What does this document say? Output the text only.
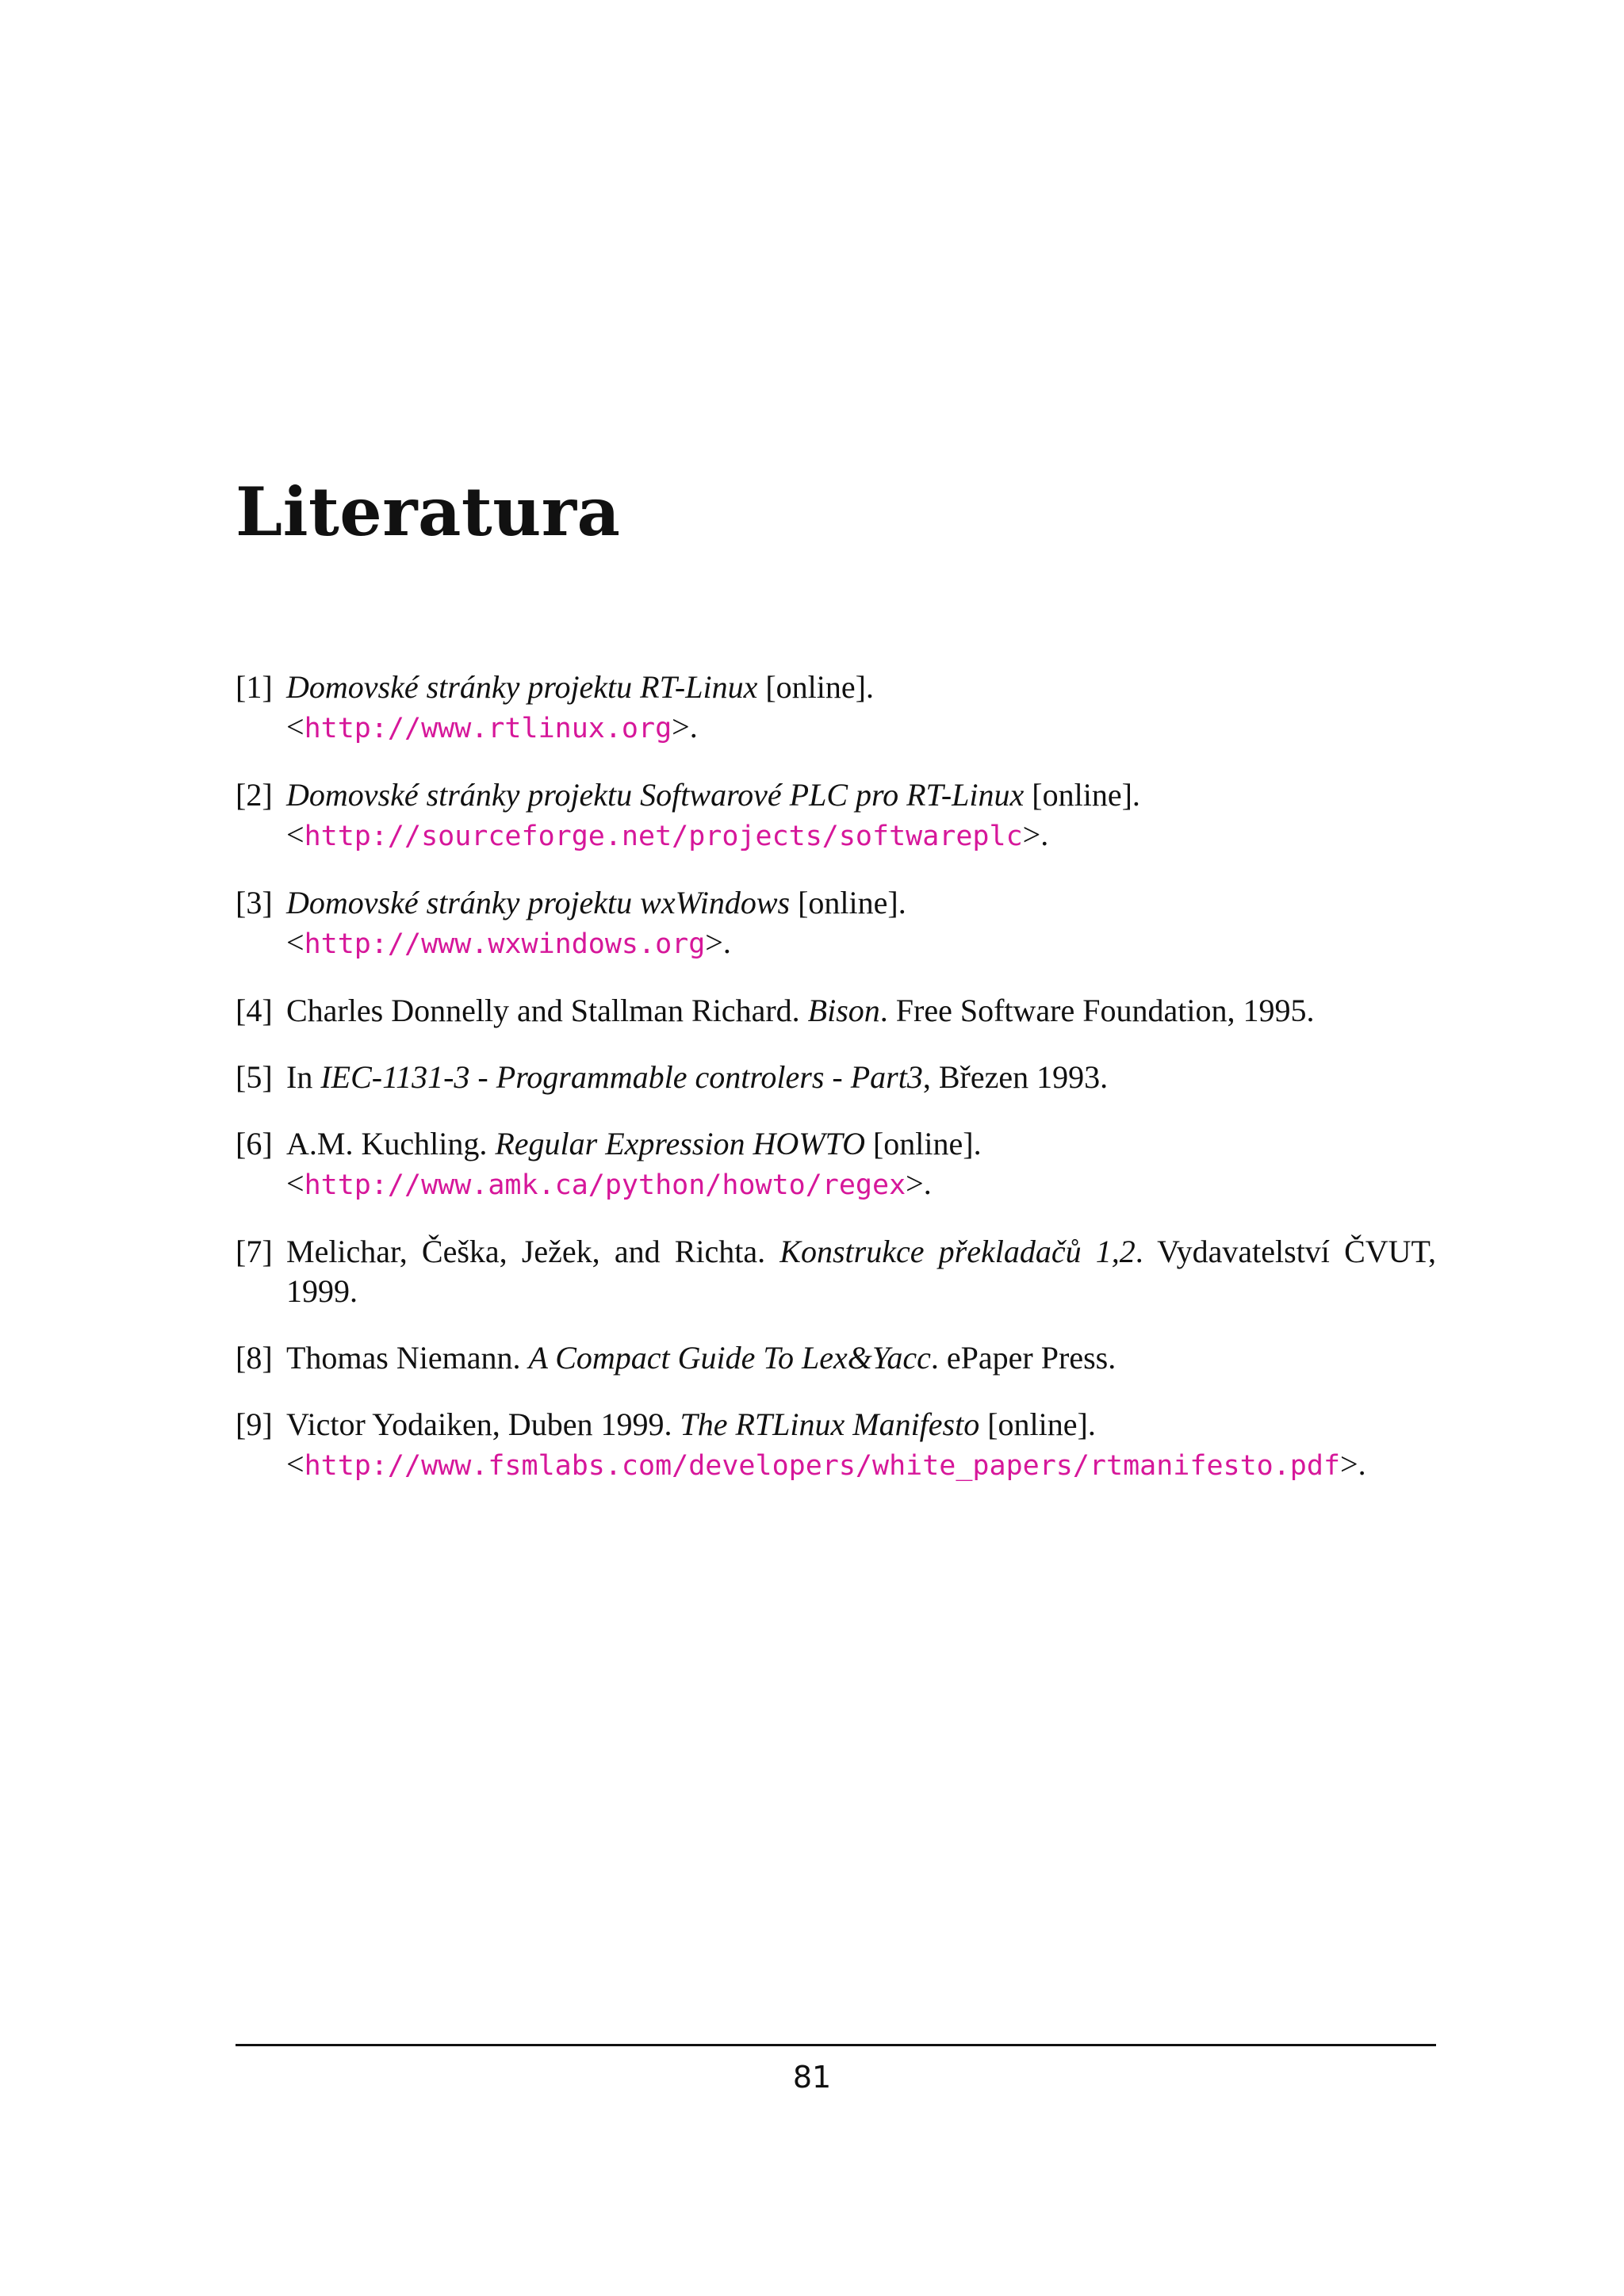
Literatura
[1] Domovské stránky projektu RT-Linux [online].
<http://www.rtlinux.org>.
[2] Domovské stránky projektu Softwarové PLC pro RT-Linux [online].
<http://sourceforge.net/projects/softwareplc>.
[3] Domovské stránky projektu wxWindows [online].
<http://www.wxwindows.org>.
[4] Charles Donnelly and Stallman Richard. Bison. Free Software Foundation, 1995.
[5] In IEC-1131-3 - Programmable controlers - Part3, Březen 1993.
[6] A.M. Kuchling. Regular Expression HOWTO [online].
<http://www.amk.ca/python/howto/regex>.
[7] Melichar, Češka, Ježek, and Richta. Konstrukce překladačů 1,2. Vydavatelství ČVUT, 1999.
[8] Thomas Niemann. A Compact Guide To Lex&Yacc. ePaper Press.
[9] Victor Yodaiken, Duben 1999. The RTLinux Manifesto [online].
<http://www.fsmlabs.com/developers/white_papers/rtmanifesto.pdf>.
81
